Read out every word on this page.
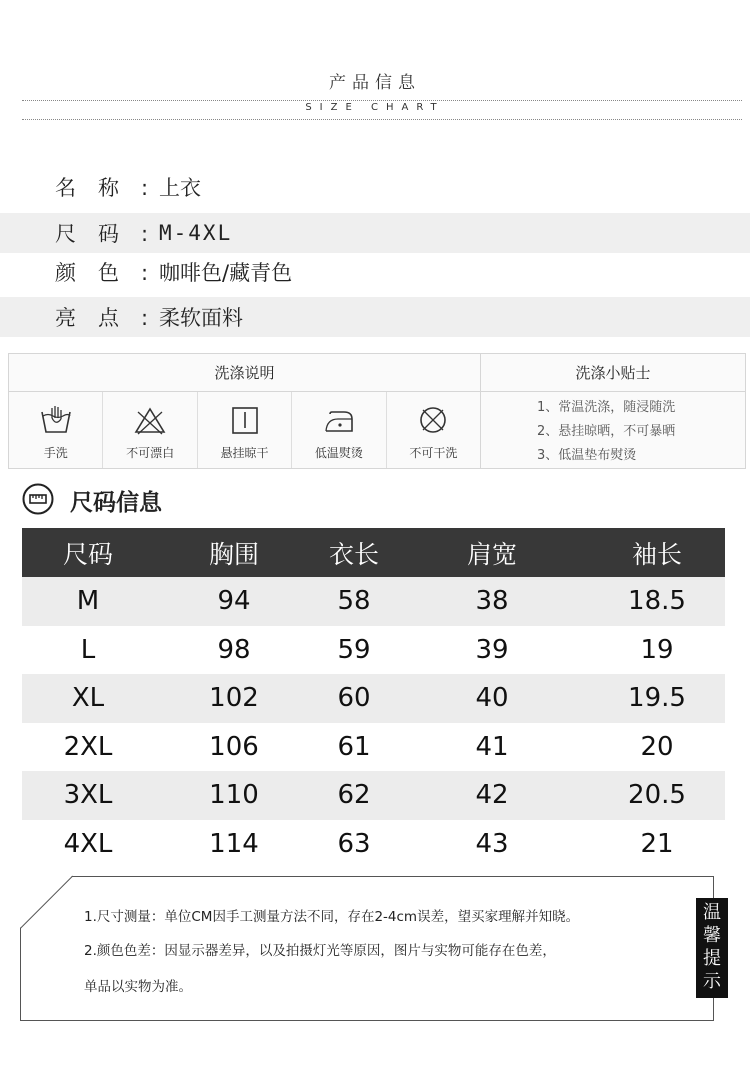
产品信息
SIZE CHART
名称:
上衣
尺码:
M-4XL
颜色:
咖啡色/藏青色
亮点:
柔软面料
洗涤说明	洗涤小贴士
手洗	不可漂白	悬挂晾干	低温熨烫	不可干洗
1、常温洗涤，随浸随洗
2、悬挂晾晒，不可暴晒
3、低温垫布熨烫
尺码信息
尺码	胸围	衣长	肩宽	袖长
M	94	58	38	18.5
L	98	59	39	19
XL	102	60	40	19.5
2XL	106	61	41	20
3XL	110	62	42	20.5
4XL	114	63	43	21
1.尺寸测量：单位CM因手工测量方法不同，存在2-4cm误差，望买家理解并知晓。
2.颜色色差：因显示器差异，以及拍摄灯光等原因，图片与实物可能存在色差，
单品以实物为准。
温
馨
提
示
